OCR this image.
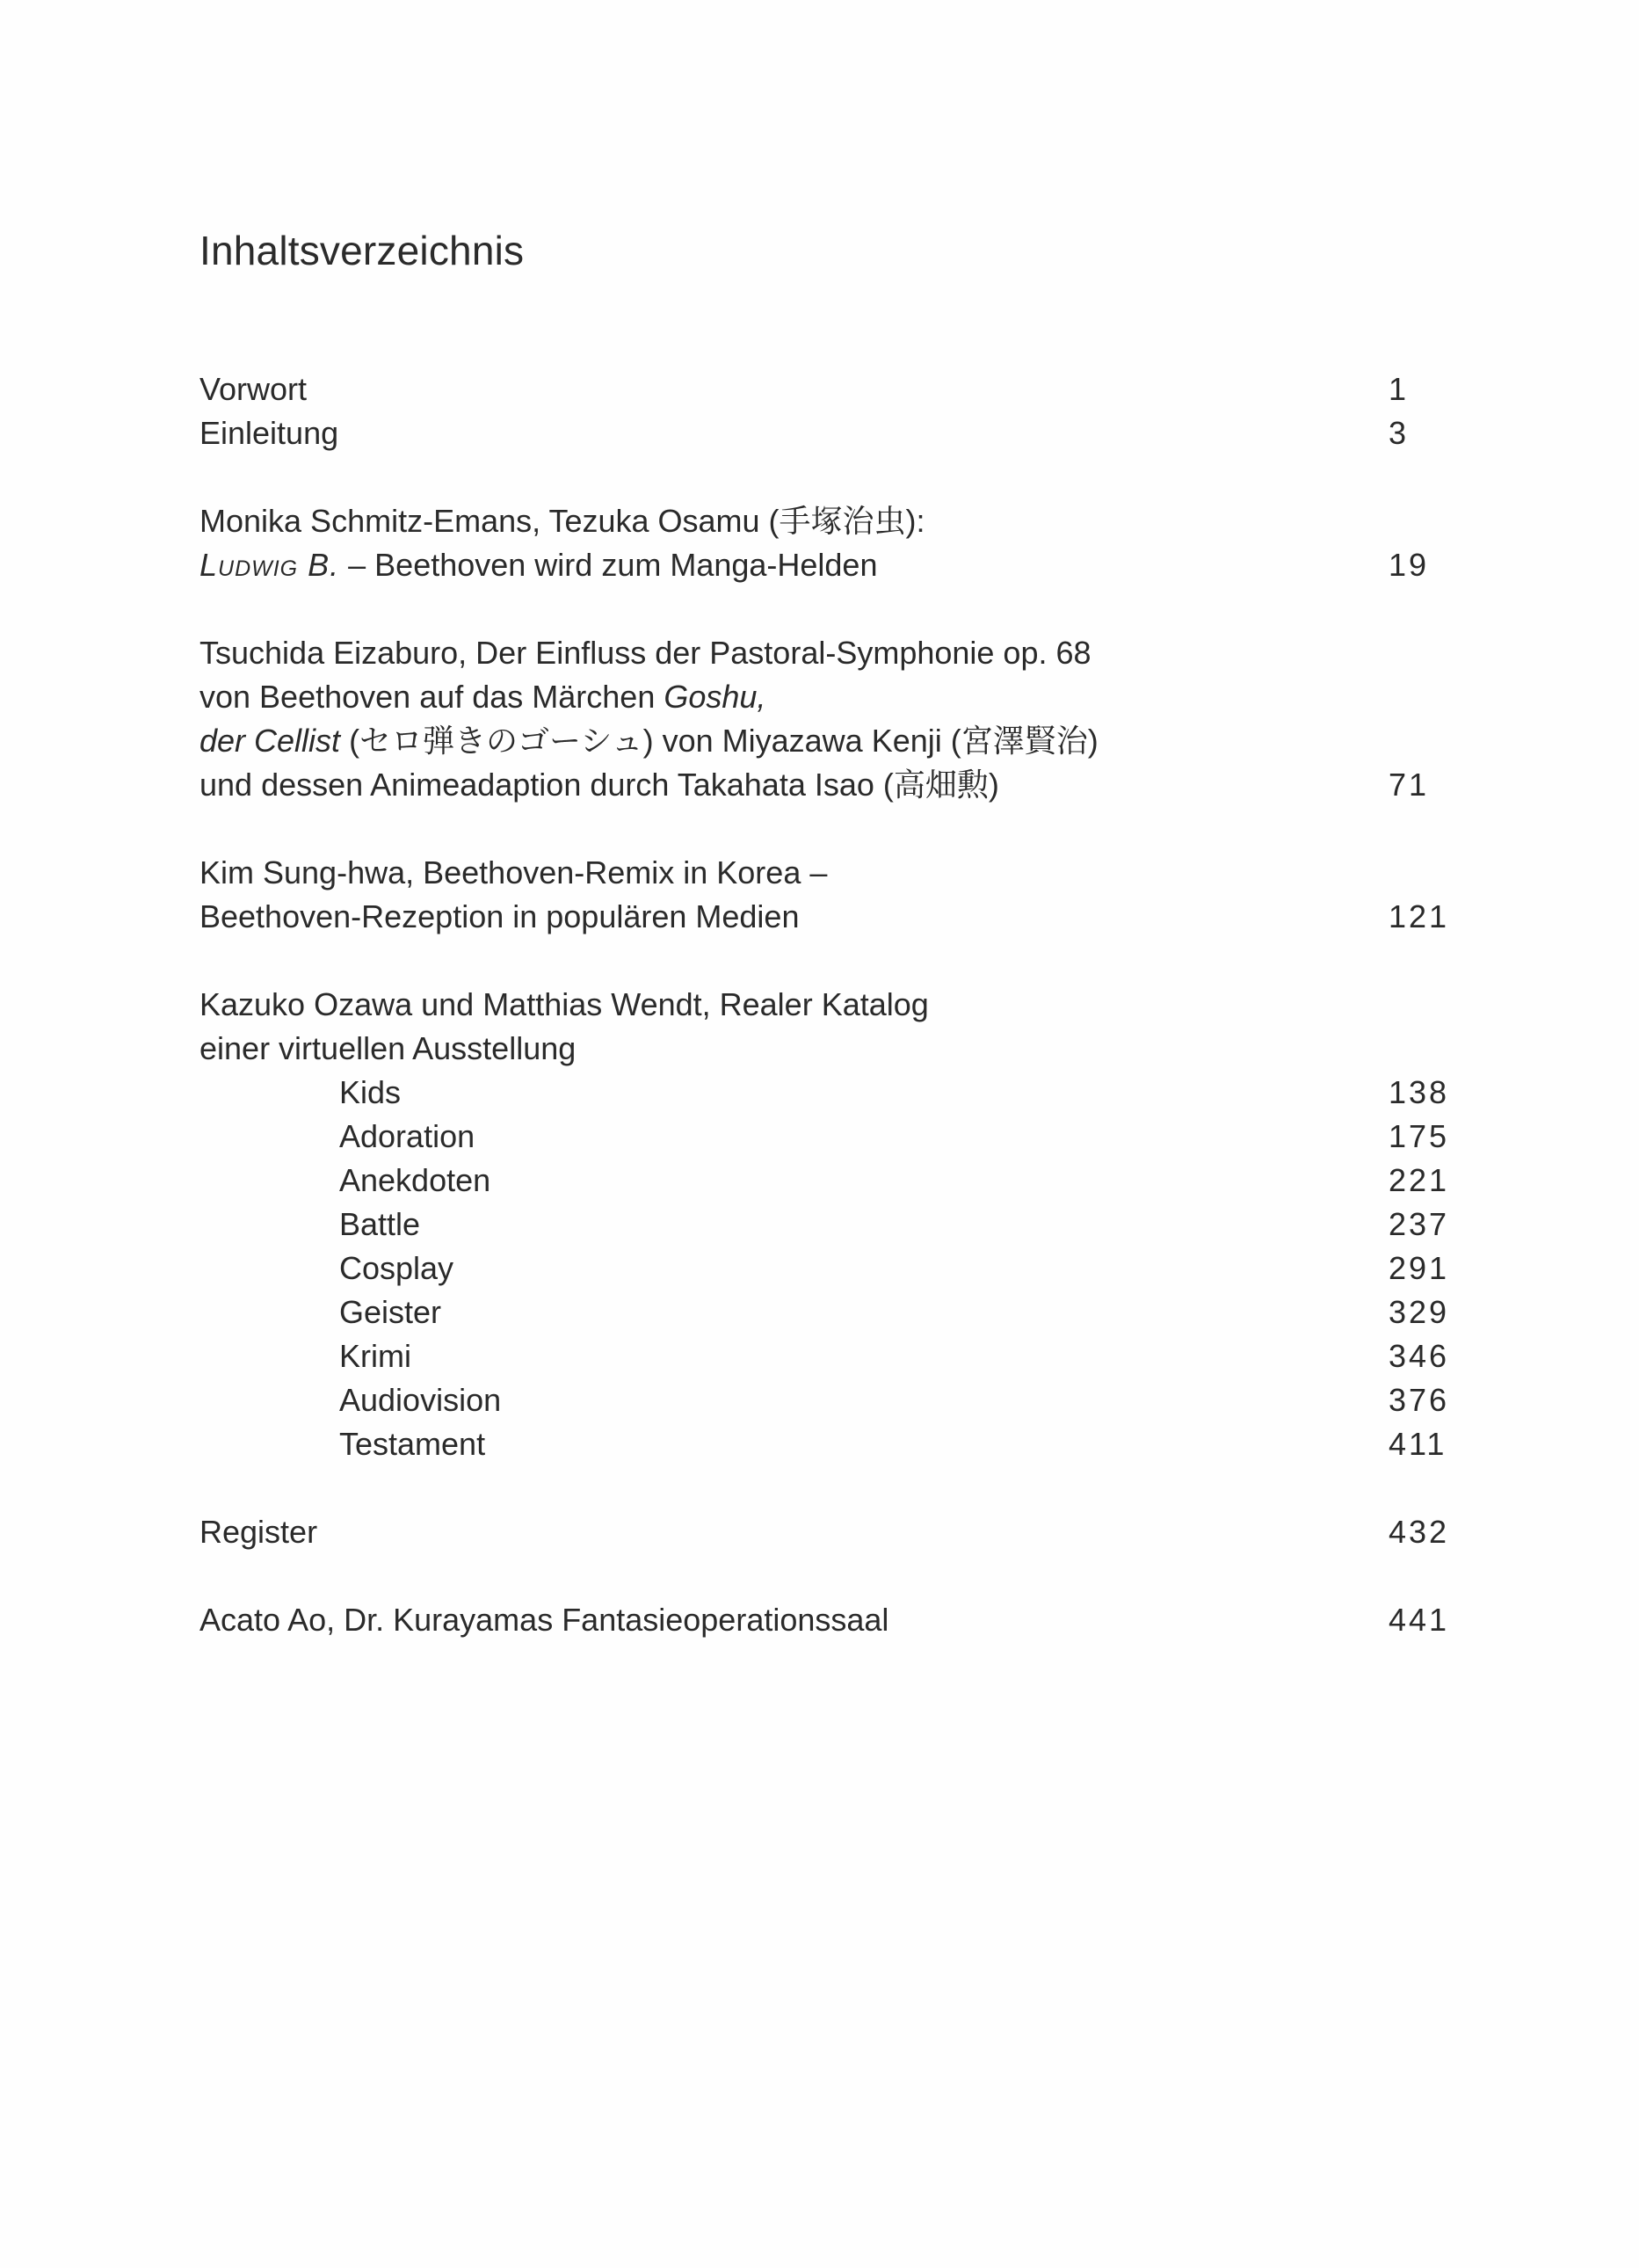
Inhaltsverzeichnis
Vorwort	1
Einleitung	3
Monika Schmitz-Emans, Tezuka Osamu (手塚治虫):
Ludwig B. – Beethoven wird zum Manga-Helden	19
Tsuchida Eizaburo, Der Einfluss der Pastoral-Symphonie op. 68
von Beethoven auf das Märchen Goshu,
der Cellist (セロ弾きのゴーシュ) von Miyazawa Kenji (宮澤賢治)
und dessen Animeadaption durch Takahata Isao (高畑勲)	71
Kim Sung-hwa, Beethoven-Remix in Korea –
Beethoven-Rezeption in populären Medien	121
Kazuko Ozawa und Matthias Wendt, Realer Katalog
einer virtuellen Ausstellung
Kids	138
Adoration	175
Anekdoten	221
Battle	237
Cosplay	291
Geister	329
Krimi	346
Audiovision	376
Testament	411
Register	432
Acato Ao, Dr. Kurayamas Fantasieoperationssaal	441
